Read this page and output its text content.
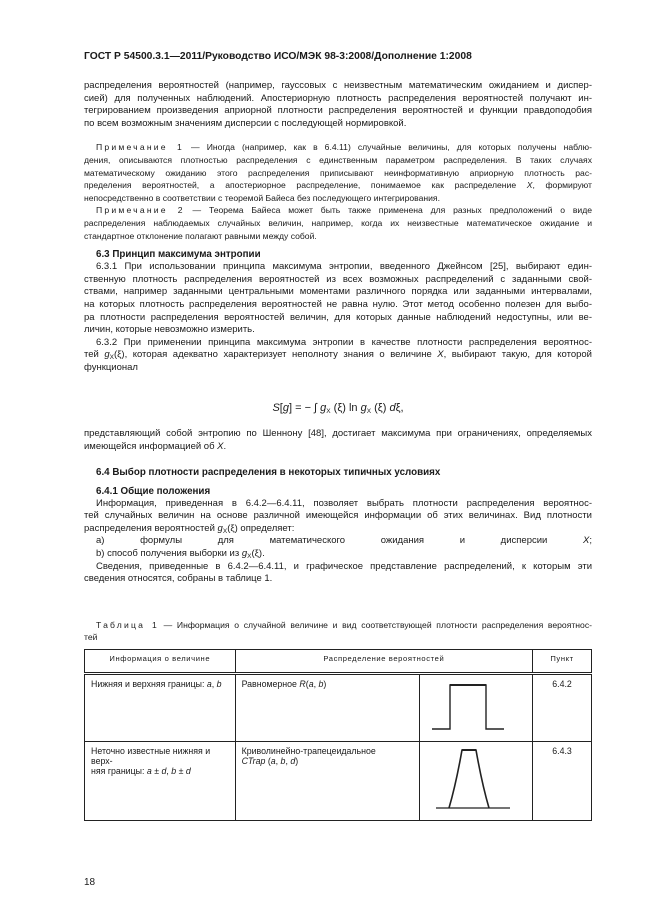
ГОСТ Р 54500.3.1—2011/Руководство ИСО/МЭК 98-3:2008/Дополнение 1:2008
распределения вероятностей (например, гауссовых с неизвестным математическим ожиданием и диспер-
сией) для полученных наблюдений. Апостериорную плотность распределения вероятностей получают ин-
тегрированием произведения априорной плотности распределения вероятностей и функции правдоподобия
по всем возможным значениям дисперсии с последующей нормировкой.
Примечание 1 — Иногда (например, как в 6.4.11) случайные величины, для которых получены наблю-
дения, описываются плотностью распределения с единственным параметром распределения. В таких случаях
математическому ожиданию этого распределения приписывают неинформативную априорную плотность рас-
пределения вероятностей, а апостериорное распределение, понимаемое как распределение X, формируют
непосредственно в соответствии с теоремой Байеса без последующего интегрирования.
Примечание 2 — Теорема Байеса может быть также применена для разных предположений о виде
распределения наблюдаемых случайных величин, например, когда их неизвестные математическое ожидание и
стандартное отклонение полагают равными между собой.
6.3 Принцип максимума энтропии
6.3.1 При использовании принципа максимума энтропии, введенного Джейнсом [25], выбирают един-
ственную плотность распределения вероятностей из всех возможных распределений с заданными свой-
ствами, например заданными центральными моментами различного порядка или заданными интервалами,
на которых плотность распределения вероятностей не равна нулю. Этот метод особенно полезен для выбо-
ра плотности распределения вероятностей величин, для которых данные наблюдений недоступны, или ве-
личин, которые невозможно измерить.
6.3.2 При применении принципа максимума энтропии в качестве плотности распределения вероятнос-
тей $g_X(\xi)$, которая адекватно характеризует неполноту знания о величине X, выбирают такую, для которой
функционал
S[g] = − ∫ $g_X$ (ξ) $\ln g_X$ (ξ) dξ,
представляющий собой энтропию по Шеннону [48], достигает максимума при ограничениях, определяемых
имеющейся информацией об X.
6.4 Выбор плотности распределения в некоторых типичных условиях
6.4.1 Общие положения
Информация, приведенная в 6.4.2—6.4.11, позволяет выбрать плотности распределения вероятнос-
тей случайных величин на основе различной имеющейся информации об этих величинах. Вид плотности
распределения вероятностей $g_X(\xi)$ определяет:
а) формулы для математического ожидания и дисперсии X;
b) способ получения выборки из $g_X(\xi)$.
Сведения, приведенные в 6.4.2—6.4.11, и графическое представление распределений, к которым эти
сведения относятся, собраны в таблице 1.
Таблица 1 — Информация о случайной величине и вид соответствующей плотности распределения вероятнос-
тей
Информация о величине	Распределение вероятностей		Пункт
Нижняя и верхняя границы: a, b	Равномерное R(a, b)		6.4.2
Неточно известные нижняя и верх-
няя границы: a ± d, b ± d	Криволинейно-трапецеидальное
CTrap (a, b, d)		6.4.3
18
